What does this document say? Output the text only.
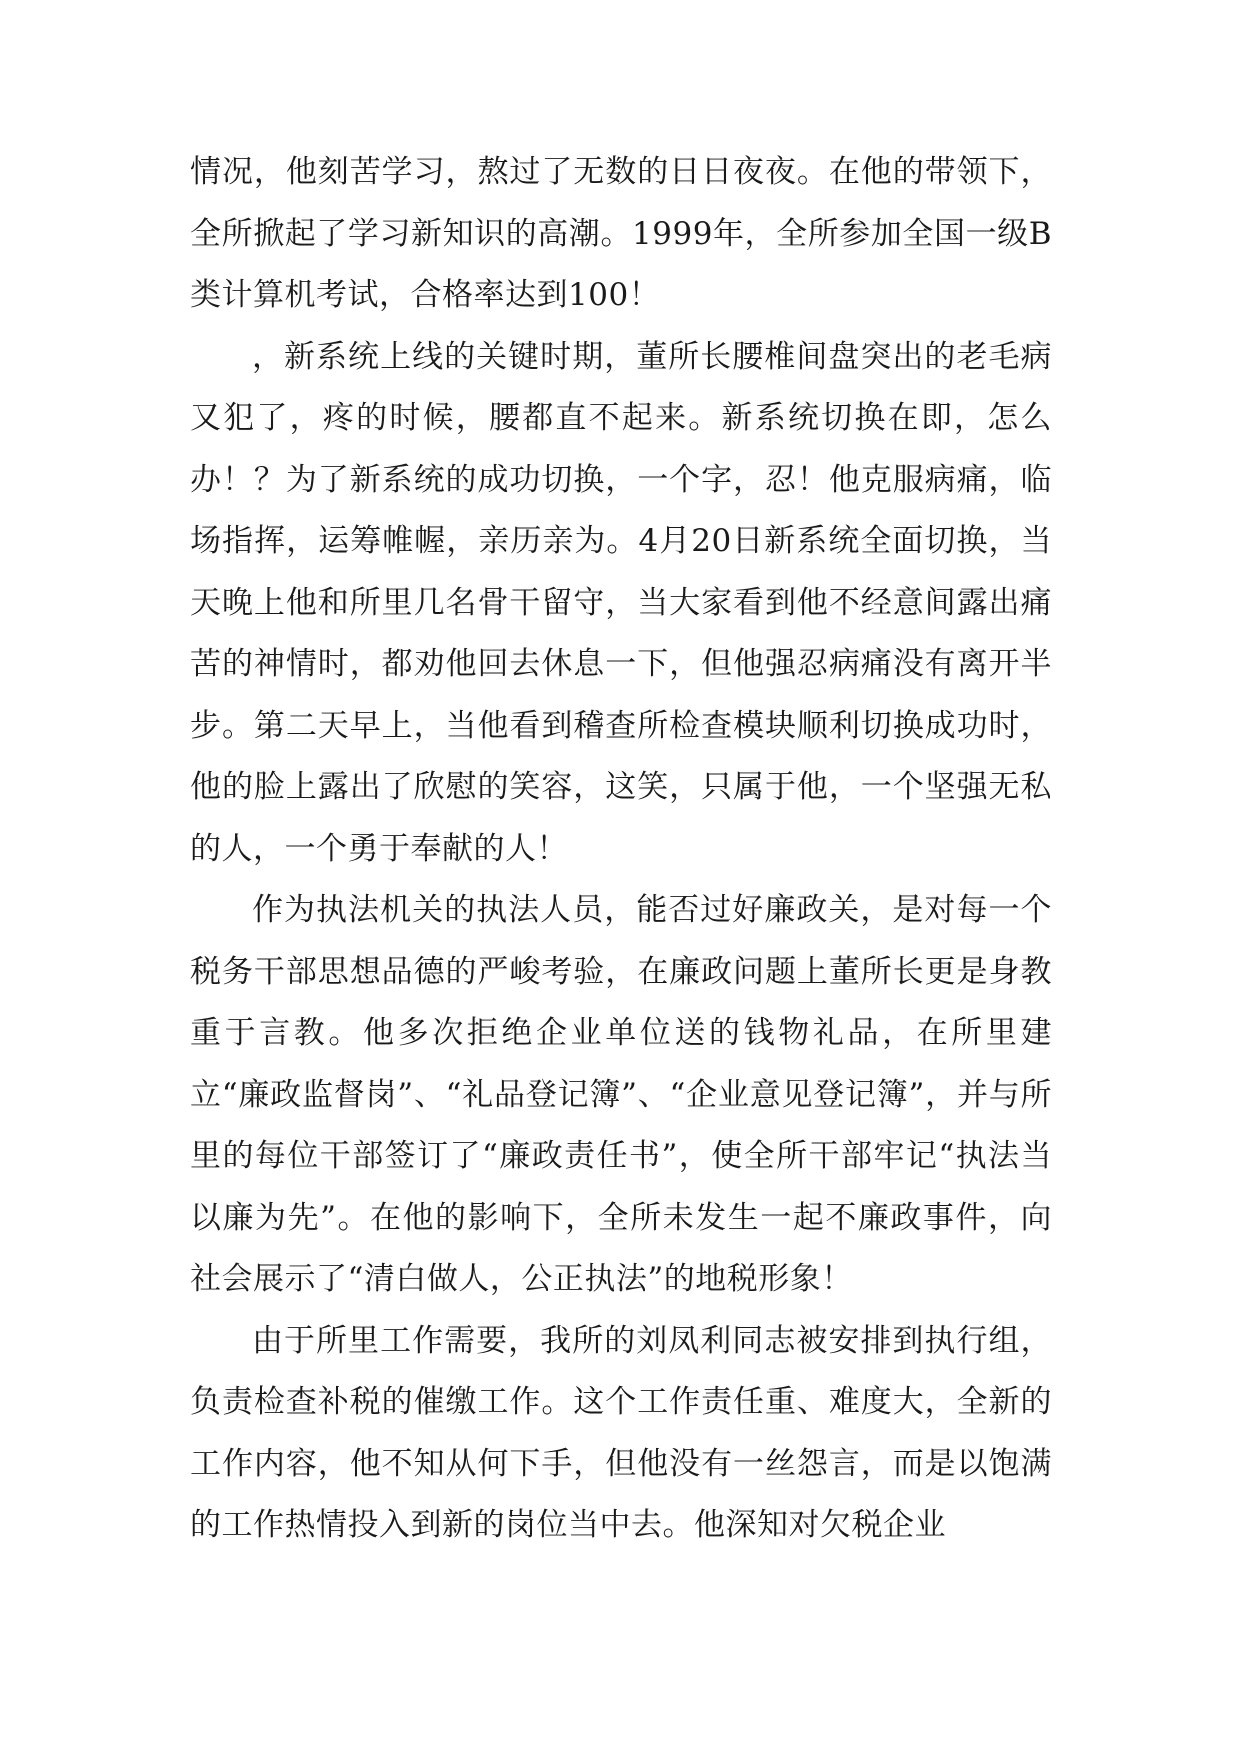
情况，他刻苦学习，熬过了无数的日日夜夜。在他的带领下，全所掀起了学习新知识的高潮。1999年，全所参加全国一级B类计算机考试，合格率达到100！

，新系统上线的关键时期，董所长腰椎间盘突出的老毛病又犯了，疼的时候，腰都直不起来。新系统切换在即，怎么办！？为了新系统的成功切换，一个字，忍！他克服病痛，临场指挥，运筹帷幄，亲历亲为。4月20日新系统全面切换，当天晚上他和所里几名骨干留守，当大家看到他不经意间露出痛苦的神情时，都劝他回去休息一下，但他强忍病痛没有离开半步。第二天早上，当他看到稽查所检查模块顺利切换成功时，他的脸上露出了欣慰的笑容，这笑，只属于他，一个坚强无私的人，一个勇于奉献的人！

作为执法机关的执法人员，能否过好廉政关，是对每一个税务干部思想品德的严峻考验，在廉政问题上董所长更是身教重于言教。他多次拒绝企业单位送的钱物礼品，在所里建立“廉政监督岗”、“礼品登记簿”、“企业意见登记簿”，并与所里的每位干部签订了“廉政责任书”，使全所干部牢记“执法当以廉为先”。在他的影响下，全所未发生一起不廉政事件，向社会展示了“清白做人，公正执法”的地税形象！

由于所里工作需要，我所的刘凤利同志被安排到执行组，负责检查补税的催缴工作。这个工作责任重、难度大，全新的工作内容，他不知从何下手，但他没有一丝怨言，而是以饱满的工作热情投入到新的岗位当中去。他深知对欠税企业
